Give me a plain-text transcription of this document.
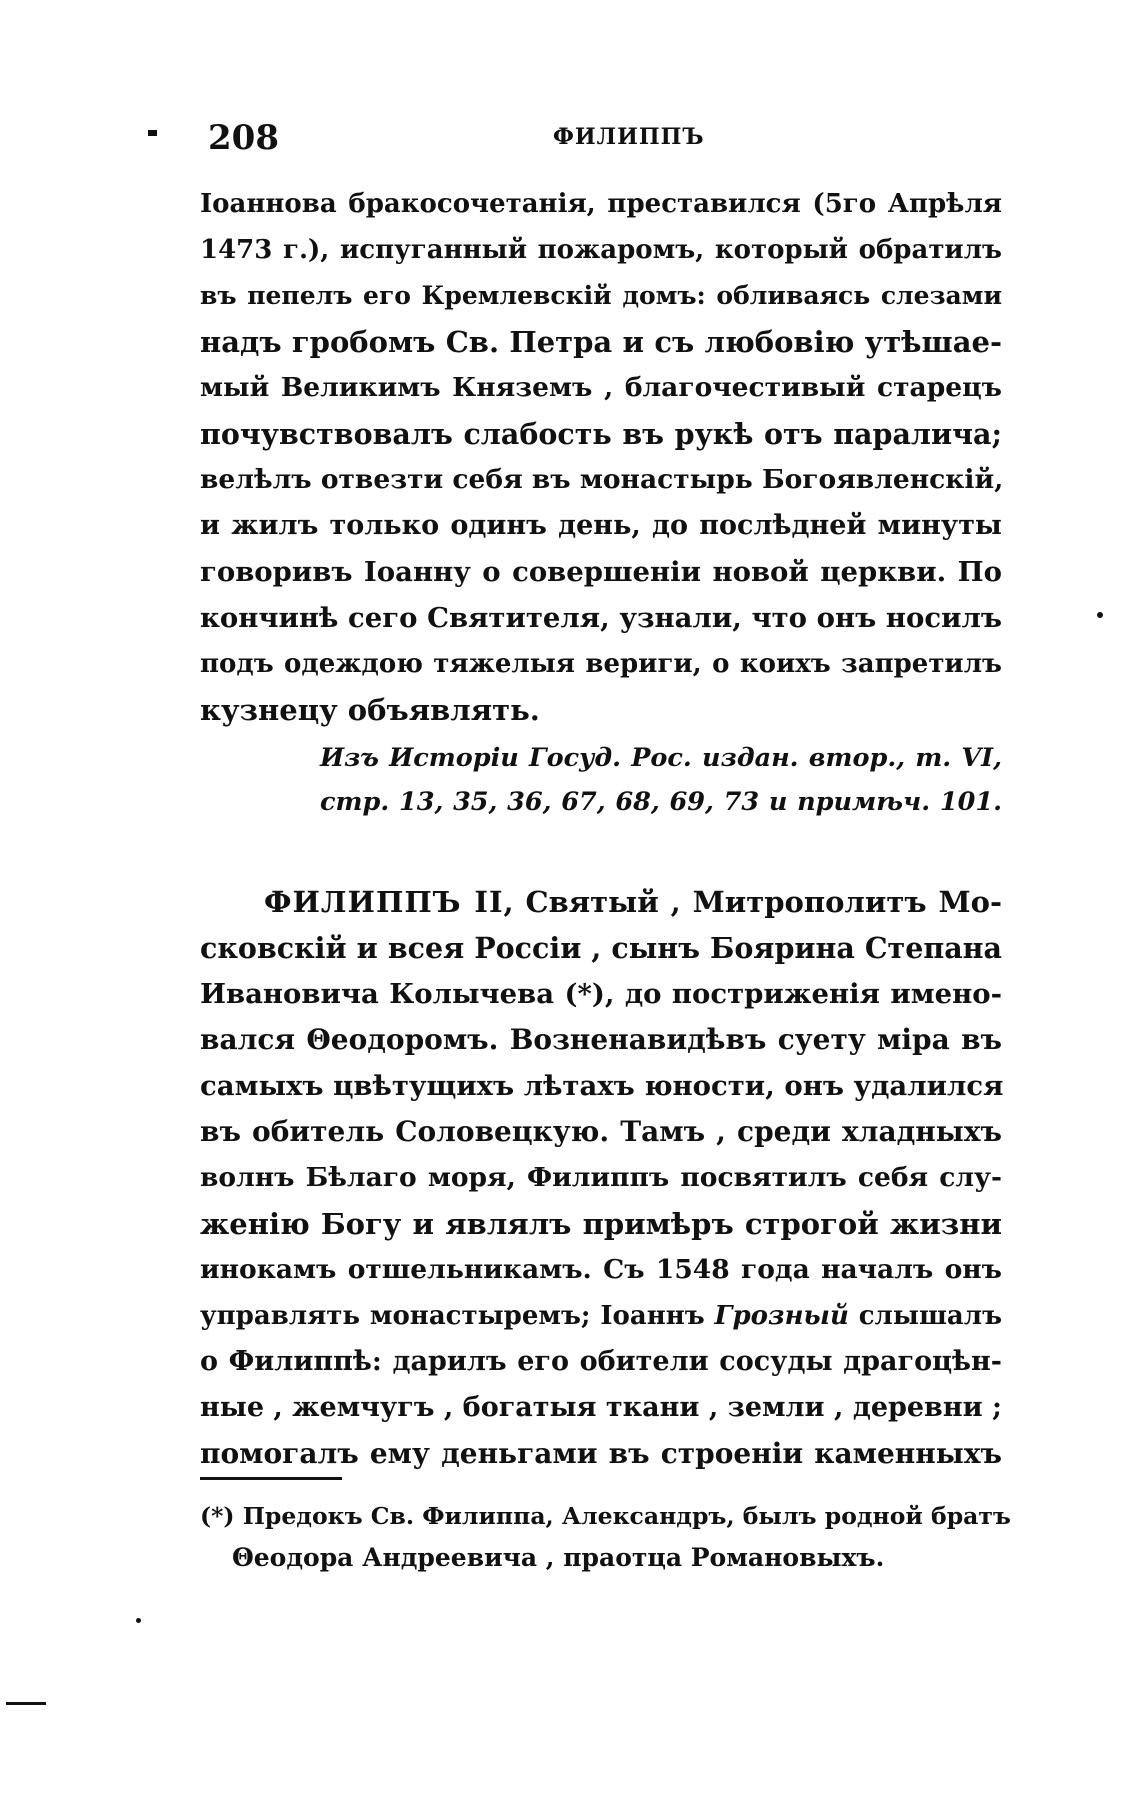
208	ФИЛИППЪ
Іоаннова бракосочетанія, преставился (5го Апрѣля
1473 г.), испуганный пожаромъ, который обратилъ
въ пепелъ его Кремлевскій домъ: обливаясь слезами
надъ гробомъ Св. Петра и съ любовію утѣшае-
мый Великимъ Княземъ , благочестивый старецъ
почувствовалъ слабость въ рукѣ отъ паралича;
велѣлъ отвезти себя въ монастырь Богоявленскій,
и жилъ только одинъ день, до послѣдней минуты
говоривъ Іоанну о совершеніи новой церкви. По
кончинѣ сего Святителя, узнали, что онъ носилъ
подъ одеждою тяжелыя вериги, о коихъ запретилъ
кузнецу объявлять.
Изъ Исторіи Госуд. Рос. издан. втор., т. VI,
стр. 13, 35, 36, 67, 68, 69, 73 и примѣч. 101.
ФИЛИППЪ II, Святый , Митрополитъ Мо-
сковскій и всея Россіи , сынъ Боярина Степана
Ивановича Колычева (*), до постриженія имено-
вался Θеодоромъ. Возненавидѣвъ суету міра въ
самыхъ цвѣтущихъ лѣтахъ юности, онъ удалился
въ обитель Соловецкую. Тамъ , среди хладныхъ
волнъ Бѣлаго моря, Филиппъ посвятилъ себя слу-
женію Богу и являлъ примѣръ строгой жизни
инокамъ отшельникамъ. Съ 1548 года началъ онъ
управлять монастыремъ; Іоаннъ Грозный слышалъ
о Филиппѣ: дарилъ его обители сосуды драгоцѣн-
ные , жемчугъ , богатыя ткани , земли , деревни ;
помогалъ ему деньгами въ строеніи каменныхъ
(*) Предокъ Св. Филиппа, Александръ, былъ родной братъ
Θеодора Андреевича , праотца Романовыхъ.
